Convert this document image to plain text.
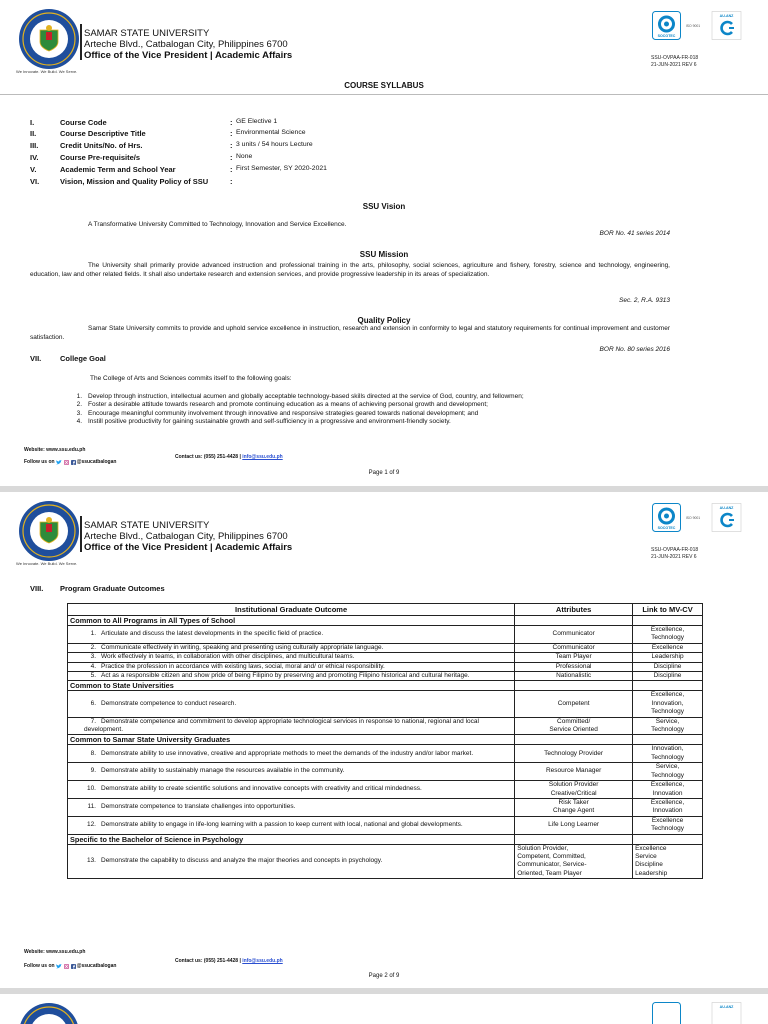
We Innovate. We Build. We Serve.
SAMAR STATE UNIVERSITY
Arteche Blvd., Catbalogan City, Philippines 6700
Office of the Vice President | Academic Affairs
SOCOTEC
ISO 9001
AU-ANZ
SSU-OVPAA-FR-018
21-JUN-2021 REV 6
COURSE SYLLABUS
I.	Course Code	: GE Elective 1
II.	Course Descriptive Title	: Environmental Science
III.	Credit Units/No. of Hrs.	: 3 units / 54 hours Lecture
IV.	Course Pre-requisite/s	: None
V.	Academic Term and School Year	: First Semester, SY 2020-2021
VI.	Vision, Mission and Quality Policy of SSU	:
SSU Vision
A Transformative University Committed to Technology, Innovation and Service Excellence.
BOR No. 41 series 2014
SSU Mission
The University shall primarily provide advanced instruction and professional training in the arts, philosophy, social sciences, agriculture and fishery, forestry, science and technology, engineering, education, law and other related fields. It shall also undertake research and extension services, and provide progressive leadership in its areas of specialization.
Sec. 2, R.A. 9313
Quality Policy
Samar State University commits to provide and uphold service excellence in instruction, research and extension in conformity to legal and statutory requirements for continual improvement and customer satisfaction.
BOR No. 80 series 2016
VII.	College Goal
The College of Arts and Sciences commits itself to the following goals:
1. Develop through instruction, intellectual acumen and globally acceptable technology-based skills directed at the service of God, country, and fellowmen;
2. Foster a desirable attitude towards research and promote continuing education as a means of achieving personal growth and development;
3. Encourage meaningful community involvement through innovative and responsive strategies geared towards national development; and
4. Instill positive productivity for gaining sustainable growth and self-sufficiency in a progressive and environment-friendly society.
Website: www.ssu.edu.ph
Follow us on	@ssucatbalogan
Contact us: (055) 251-4428 | info@ssu.edu.ph
Page 1 of 9
We Innovate. We Build. We Serve.
SAMAR STATE UNIVERSITY
Arteche Blvd., Catbalogan City, Philippines 6700
Office of the Vice President | Academic Affairs
SOCOTEC
ISO 9001
AU-ANZ
SSU-OVPAA-FR-018
21-JUN-2021 REV 6
VIII.	Program Graduate Outcomes
Institutional Graduate Outcome	Attributes	Link to MV-CV
Common to All Programs in All Types of School		
1. Articulate and discuss the latest developments in the specific field of practice.	Communicator	Excellence,
Technology
2. Communicate effectively in writing, speaking and presenting using culturally appropriate language.	Communicator	Excellence
3. Work effectively in teams, in collaboration with other disciplines, and multicultural teams.	Team Player	Leadership
4. Practice the profession in accordance with existing laws, social, moral and/ or ethical responsibility.	Professional	Discipline
5. Act as a responsible citizen and show pride of being Filipino by preserving and promoting Filipino historical and cultural heritage.	Nationalistic	Discipline
Common to State Universities		
6. Demonstrate competence to conduct research.	Competent	Excellence,
Innovation,
Technology
7. Demonstrate competence and commitment to develop appropriate technological services in response to national, regional and local development.	Committed/
Service Oriented	Service,
Technology
Common to Samar State University Graduates		
8. Demonstrate ability to use innovative, creative and appropriate methods to meet the demands of the industry and/or labor market.	Technology Provider	Innovation,
Technology
9. Demonstrate ability to sustainably manage the resources available in the community.	Resource Manager	Service,
Technology
10. Demonstrate ability to create scientific solutions and innovative concepts with creativity and critical mindedness.	Solution Provider
Creative/Critical	Excellence,
Innovation
11. Demonstrate competence to translate challenges into opportunities.	Risk Taker
Change Agent	Excellence,
Innovation
12. Demonstrate ability to engage in life-long learning with a passion to keep current with local, national and global developments.	Life Long Learner	Excellence
Technology
Specific to the Bachelor of Science in Psychology		
13. Demonstrate the capability to discuss and analyze the major theories and concepts in psychology.	Solution Provider,
Competent, Committed,
Communicator, Service-
Oriented, Team Player	Excellence
Service
Discipline
Leadership
Website: www.ssu.edu.ph
Follow us on	@ssucatbalogan
Contact us: (055) 251-4428 | info@ssu.edu.ph
Page 2 of 9
AU-ANZ
